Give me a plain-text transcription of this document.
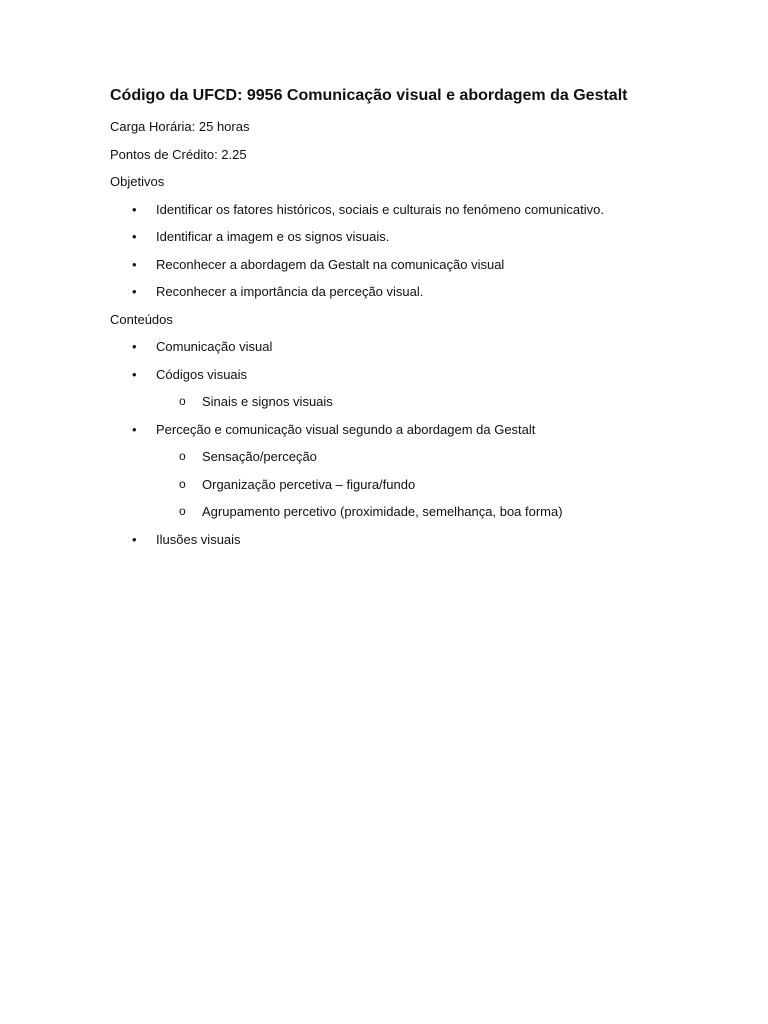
Código da UFCD: 9956 Comunicação visual e abordagem da Gestalt
Carga Horária: 25 horas
Pontos de Crédito: 2.25
Objetivos
• Identificar os fatores históricos, sociais e culturais no fenómeno comunicativo.
• Identificar a imagem e os signos visuais.
• Reconhecer a abordagem da Gestalt na comunicação visual
• Reconhecer a importância da perceção visual.
Conteúdos
• Comunicação visual
• Códigos visuais
o Sinais e signos visuais
• Perceção e comunicação visual segundo a abordagem da Gestalt
o Sensação/perceção
o Organização percetiva – figura/fundo
o Agrupamento percetivo (proximidade, semelhança, boa forma)
• Ilusões visuais
